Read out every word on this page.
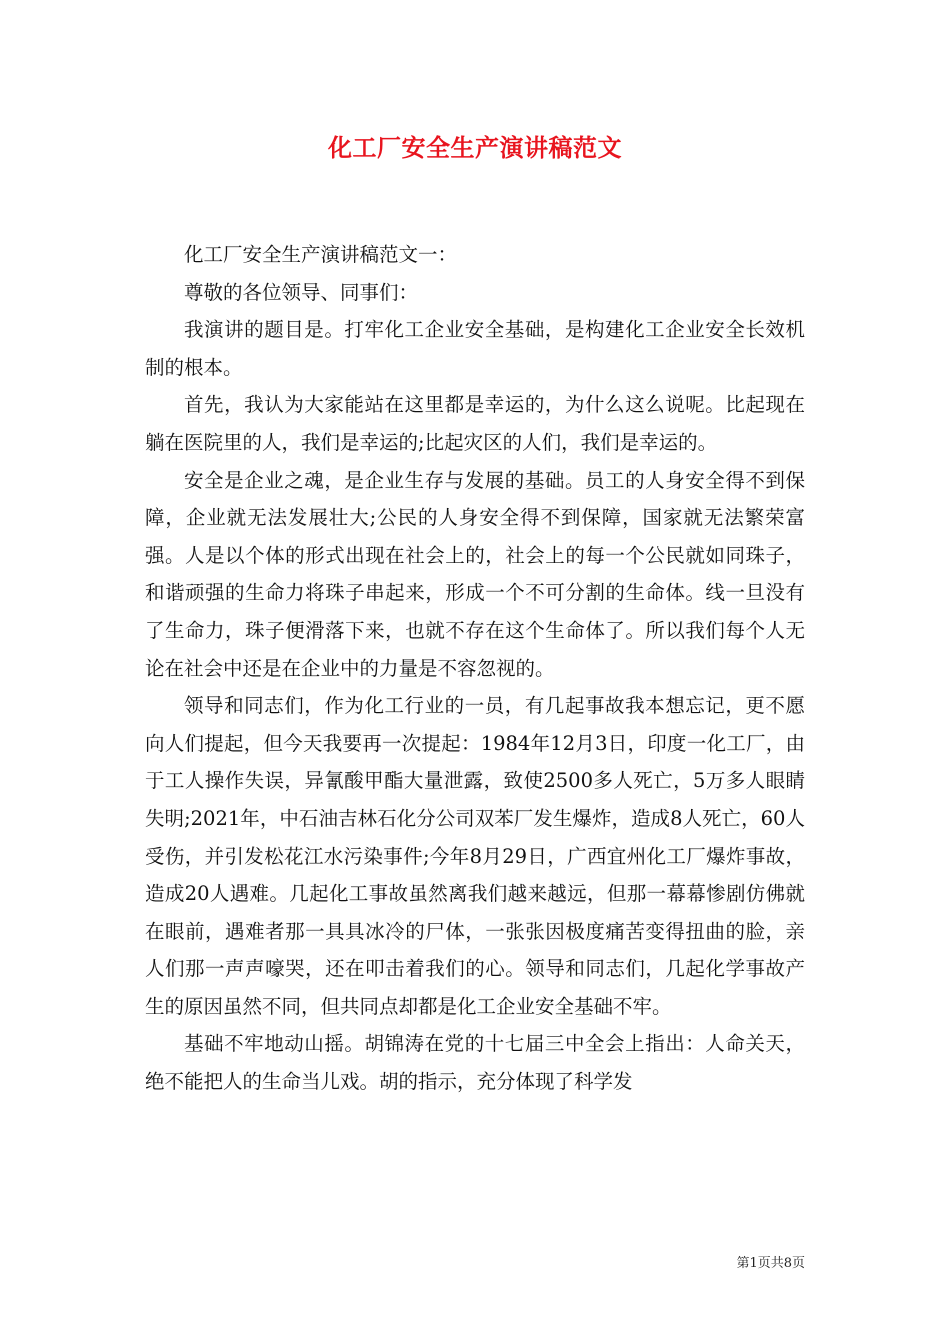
化工厂安全生产演讲稿范文

化工厂安全生产演讲稿范文一：

尊敬的各位领导、同事们：

我演讲的题目是。打牢化工企业安全基础，是构建化工企业安全长效机制的根本。

首先，我认为大家能站在这里都是幸运的，为什么这么说呢。比起现在躺在医院里的人，我们是幸运的;比起灾区的人们，我们是幸运的。

安全是企业之魂，是企业生存与发展的基础。员工的人身安全得不到保障，企业就无法发展壮大;公民的人身安全得不到保障，国家就无法繁荣富强。人是以个体的形式出现在社会上的，社会上的每一个公民就如同珠子，和谐顽强的生命力将珠子串起来，形成一个不可分割的生命体。线一旦没有了生命力，珠子便滑落下来，也就不存在这个生命体了。所以我们每个人无论在社会中还是在企业中的力量是不容忽视的。

领导和同志们，作为化工行业的一员，有几起事故我本想忘记，更不愿向人们提起，但今天我要再一次提起：1984年12月3日，印度一化工厂，由于工人操作失误，异氰酸甲酯大量泄露，致使2500多人死亡，5万多人眼睛失明;2021年，中石油吉林石化分公司双苯厂发生爆炸，造成8人死亡，60人受伤，并引发松花江水污染事件;今年8月29日，广西宜州化工厂爆炸事故，造成20人遇难。几起化工事故虽然离我们越来越远，但那一幕幕惨剧仿佛就在眼前，遇难者那一具具冰冷的尸体，一张张因极度痛苦变得扭曲的脸，亲人们那一声声嚎哭，还在叩击着我们的心。领导和同志们，几起化学事故产生的原因虽然不同，但共同点却都是化工企业安全基础不牢。

基础不牢地动山摇。胡锦涛在党的十七届三中全会上指出：人命关天，绝不能把人的生命当儿戏。胡的指示，充分体现了科学发

第1页共8页
